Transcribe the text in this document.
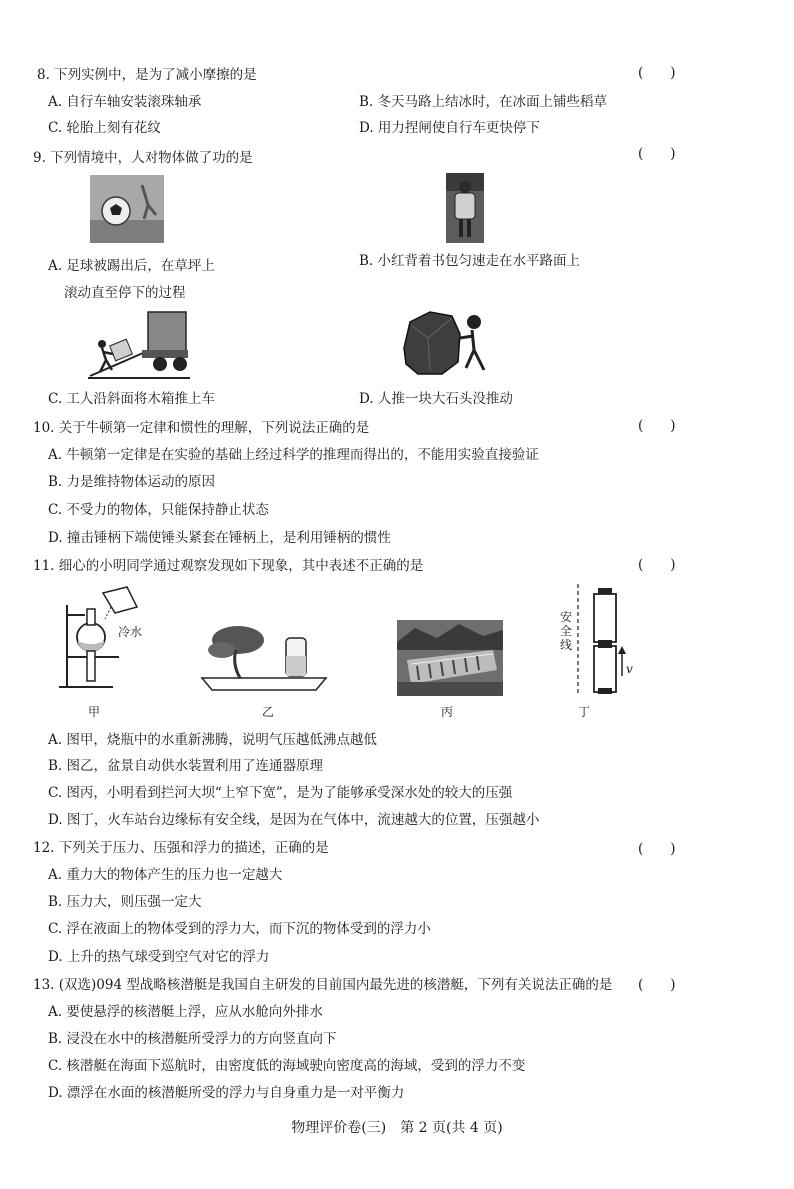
8. 下列实例中，是为了减小摩擦的是	(　　)
A. 自行车轴安装滚珠轴承	B. 冬天马路上结冰时，在冰面上铺些稻草
C. 轮胎上刻有花纹	D. 用力捏闸使自行车更快停下
9. 下列情境中，人对物体做了功的是	(　　)
A. 足球被踢出后，在草坪上
滚动直至停下的过程
B. 小红背着书包匀速走在水平路面上
C. 工人沿斜面将木箱推上车	D. 人推一块大石头没推动
10. 关于牛顿第一定律和惯性的理解，下列说法正确的是	(　　)
A. 牛顿第一定律是在实验的基础上经过科学的推理而得出的，不能用实验直接验证
B. 力是维持物体运动的原因
C. 不受力的物体，只能保持静止状态
D. 撞击锤柄下端使锤头紧套在锤柄上，是利用锤柄的惯性
11. 细心的小明同学通过观察发现如下现象，其中表述不正确的是	(　　)
冷水
安全线
v
甲	乙	丙	丁
A. 图甲，烧瓶中的水重新沸腾，说明气压越低沸点越低
B. 图乙，盆景自动供水装置利用了连通器原理
C. 图丙，小明看到拦河大坝“上窄下宽”，是为了能够承受深水处的较大的压强
D. 图丁，火车站台边缘标有安全线，是因为在气体中，流速越大的位置，压强越小
12. 下列关于压力、压强和浮力的描述，正确的是	(　　)
A. 重力大的物体产生的压力也一定越大
B. 压力大，则压强一定大
C. 浮在液面上的物体受到的浮力大，而下沉的物体受到的浮力小
D. 上升的热气球受到空气对它的浮力
13. (双选)094 型战略核潜艇是我国自主研发的目前国内最先进的核潜艇，下列有关说法正确的是 (　　)
A. 要使悬浮的核潜艇上浮，应从水舱向外排水
B. 浸没在水中的核潜艇所受浮力的方向竖直向下
C. 核潜艇在海面下巡航时，由密度低的海域驶向密度高的海域，受到的浮力不变
D. 漂浮在水面的核潜艇所受的浮力与自身重力是一对平衡力
物理评价卷(三)　第 2 页(共 4 页)
